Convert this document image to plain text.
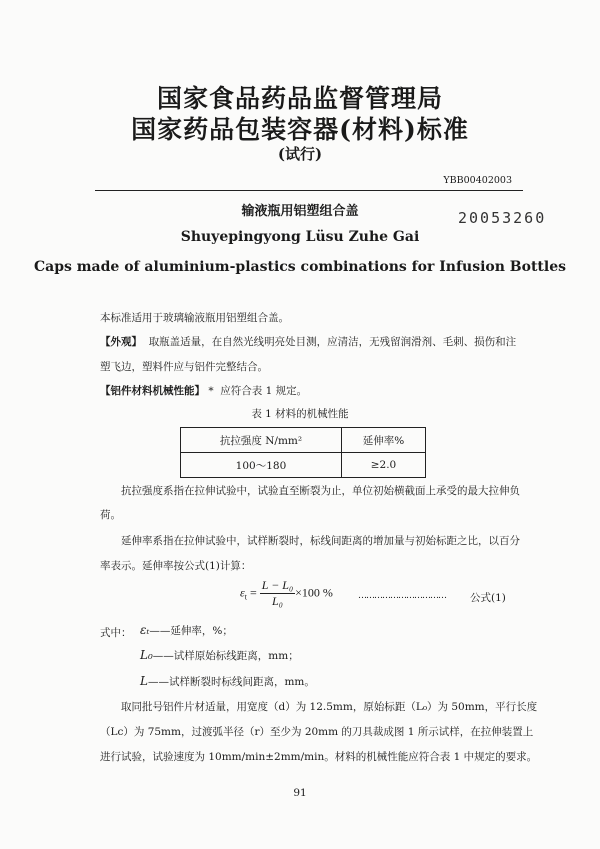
国家食品药品监督管理局
国家药品包装容器(材料)标准
(试行)
YBB00402003
输液瓶用铝塑组合盖	20053260
Shuyepingyong Lüsu Zuhe Gai
Caps made of aluminium-plastics combinations for Infusion Bottles
本标准适用于玻璃输液瓶用铝塑组合盖。
【外观】 取瓶盖适量，在自然光线明亮处目测，应清洁，无残留润滑剂、毛刺、损伤和注
塑飞边，塑料件应与铝件完整结合。
【铝件材料机械性能】 * 应符合表 1 规定。
表 1 材料的机械性能
抗拉强度 N/mm²	延伸率%
100～180	≥2.0
抗拉强度系指在拉伸试验中，试验直至断裂为止，单位初始横截面上承受的最大拉伸负
荷。
延伸率系指在拉伸试验中，试样断裂时，标线间距离的增加量与初始标距之比，以百分
率表示。延伸率按公式(1)计算：
$\varepsilon_t = \frac{\text{L − L₀}}{\text{L₀}} \times 100$ %	…………………………… 公式(1)
式中： εₜ——延伸率，%；
L₀——试样原始标线距离，mm；
L——试样断裂时标线间距离，mm。
取同批号铝件片材适量，用宽度（d）为 12.5mm，原始标距（L₀）为 50mm，平行长度
（Lc）为 75mm，过渡弧半径（r）至少为 20mm 的刀具裁成图 1 所示试样，在拉伸装置上
进行试验，试验速度为 10mm/min±2mm/min。材料的机械性能应符合表 1 中规定的要求。
91
